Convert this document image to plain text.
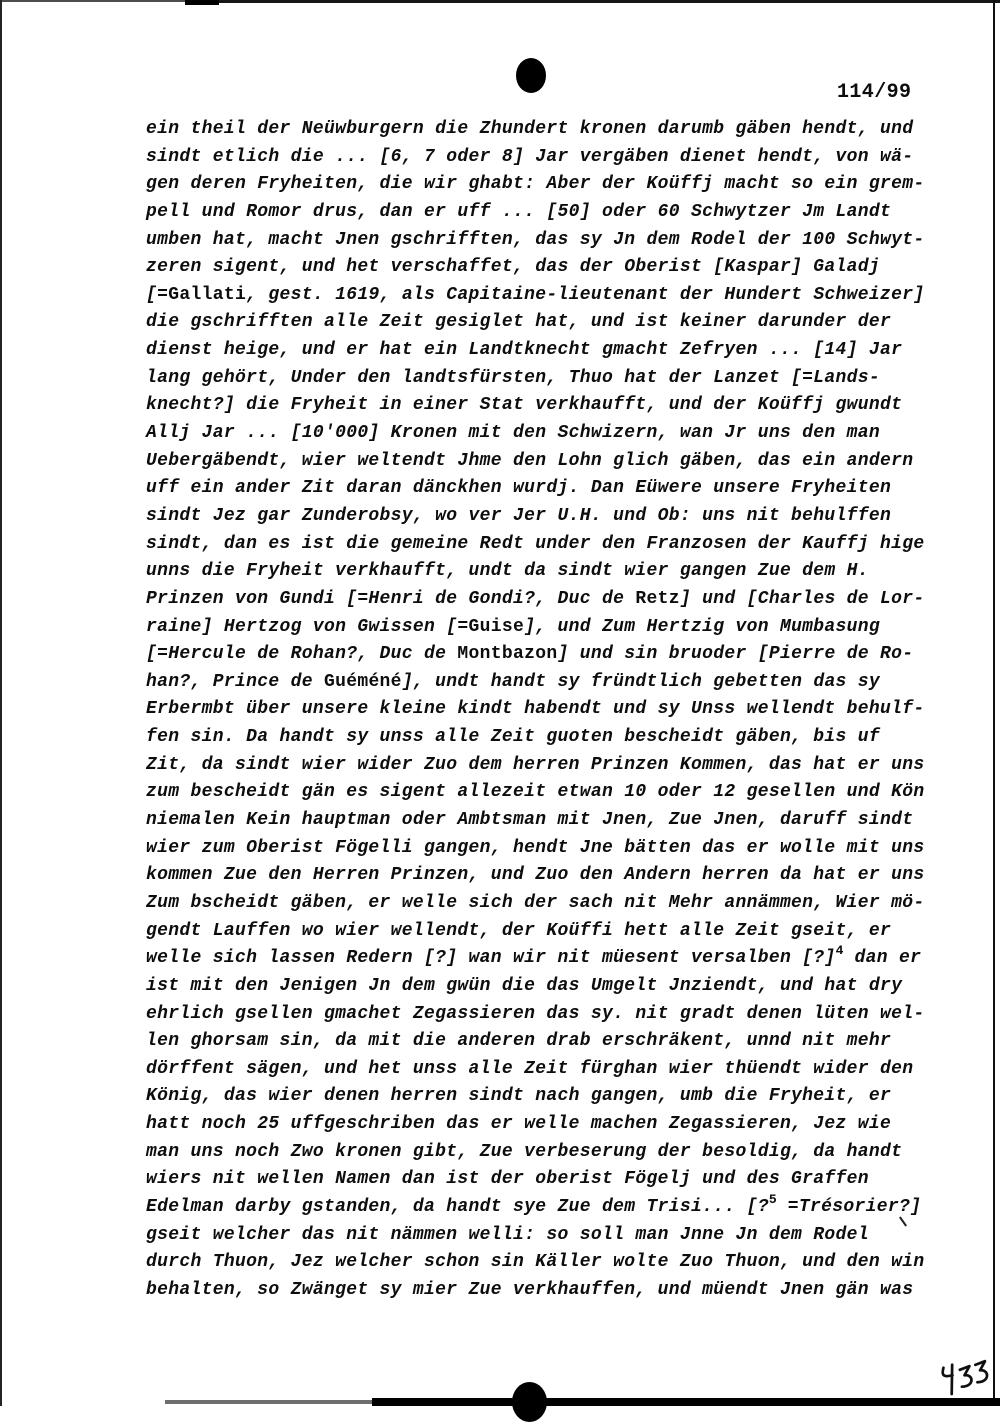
114/99
ein theil der Neüwburgern die Zhundert kronen darumb gäben hendt, und
sindt etlich die ... [6, 7 oder 8] Jar vergäben dienet hendt, von wä-
gen deren Fryheiten, die wir ghabt: Aber der Koüffj macht so ein grem-
pell und Romor drus, dan er uff ... [50] oder 60 Schwytzer Jm Landt
umben hat, macht Jnen gschrifften, das sy Jn dem Rodel der 100 Schwyt-
zeren sigent, und het verschaffet, das der Oberist [Kaspar] Galadj
[=Gallati, gest. 1619, als Capitaine-lieutenant der Hundert Schweizer]
die gschrifften alle Zeit gesiglet hat, und ist keiner darunder der
dienst heige, und er hat ein Landtknecht gmacht Zefryen ... [14] Jar
lang gehört, Under den landtsfürsten, Thuo hat der Lanzet [=Lands-
knecht?] die Fryheit in einer Stat verkhaufft, und der Koüffj gwundt
Allj Jar ... [10'000] Kronen mit den Schwizern, wan Jr uns den man
Uebergäbendt, wier weltendt Jhme den Lohn glich gäben, das ein andern
uff ein ander Zit daran dänckhen wurdj. Dan Eüwere unsere Fryheiten
sindt Jez gar Zunderobsy, wo ver Jer U.H. und Ob: uns nit behulffen
sindt, dan es ist die gemeine Redt under den Franzosen der Kauffj hige
unns die Fryheit verkhaufft, undt da sindt wier gangen Zue dem H.
Prinzen von Gundi [=Henri de Gondi?, Duc de Retz] und [Charles de Lor-
raine] Hertzog von Gwissen [=Guise], und Zum Hertzig von Mumbasung
[=Hercule de Rohan?, Duc de Montbazon] und sin bruoder [Pierre de Ro-
han?, Prince de Guéméné], undt handt sy fründtlich gebetten das sy
Erbermbt über unsere kleine kindt habendt und sy Unss wellendt behulf-
fen sin. Da handt sy unss alle Zeit guoten bescheidt gäben, bis uf
Zit, da sindt wier wider Zuo dem herren Prinzen Kommen, das hat er uns
zum bescheidt gän es sigent allezeit etwan 10 oder 12 gesellen und Kön
niemalen Kein hauptman oder Ambtsman mit Jnen, Zue Jnen, daruff sindt
wier zum Oberist Fögelli gangen, hendt Jne bätten das er wolle mit uns
kommen Zue den Herren Prinzen, und Zuo den Andern herren da hat er uns
Zum bscheidt gäben, er welle sich der sach nit Mehr annämmen, Wier mö-
gendt Lauffen wo wier wellendt, der Koüffi hett alle Zeit gseit, er
welle sich lassen Redern [?] wan wir nit müesent versalben [?]$^4$ dan er
ist mit den Jenigen Jn dem gwün die das Umgelt Jnziendt, und hat dry
ehrlich gsellen gmachet Zegassieren das sy. nit gradt denen lüten wel-
len ghorsam sin, da mit die anderen drab erschräkent, unnd nit mehr
dörffent sägen, und het unss alle Zeit fürghan wier thüendt wider den
König, das wier denen herren sindt nach gangen, umb die Fryheit, er
hatt noch 25 uffgeschriben das er welle machen Zegassieren, Jez wie
man uns noch Zwo kronen gibt, Zue verbeserung der besoldig, da handt
wiers nit wellen Namen dan ist der oberist Fögelj und des Graffen
Edelman darby gstanden, da handt sye Zue dem Trisi... [?$^5$ =Trésorier?]
gseit welcher das nit nämmen welli: so soll man Jnne Jn dem Rodel
durch Thuon, Jez welcher schon sin Käller wolte Zuo Thuon, und den win
behalten, so Zwänget sy mier Zue verkhauffen, und müendt Jnen gän was
